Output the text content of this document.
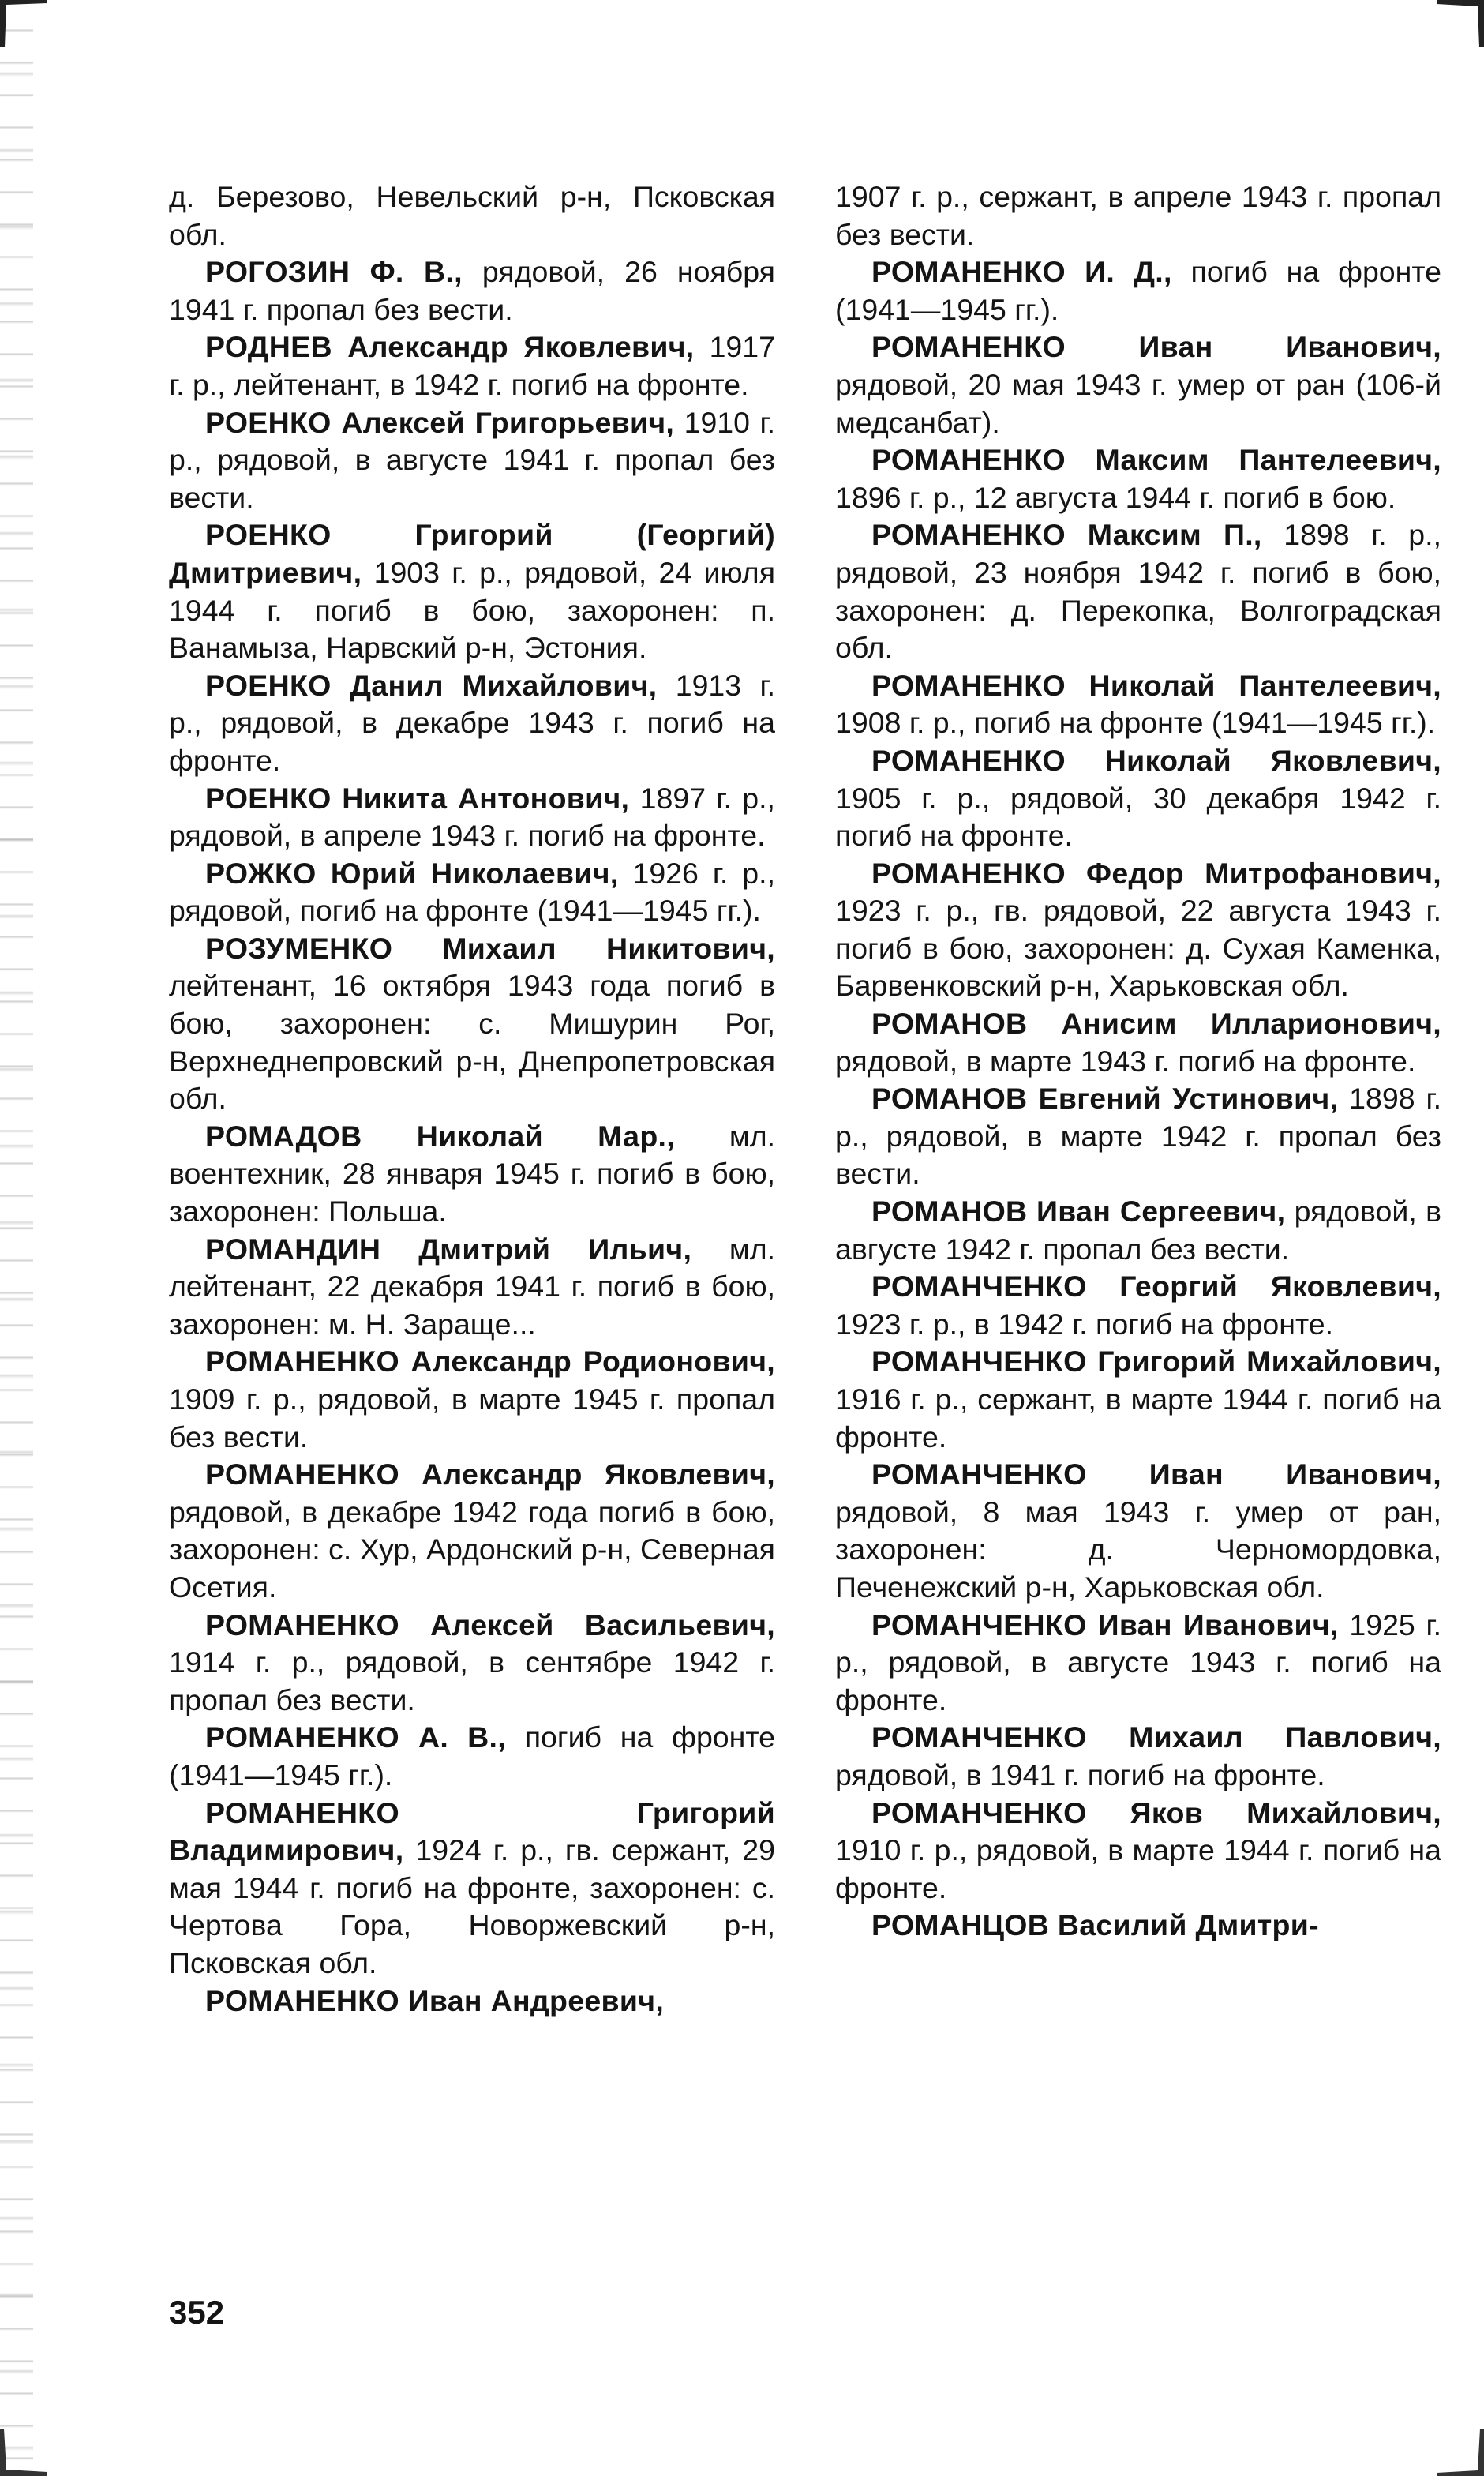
д. Березово, Невельский р-н, Псковская обл.

РОГОЗИН Ф. В., рядовой, 26 ноября 1941 г. пропал без вести.

РОДНЕВ Александр Яковлевич, 1917 г. р., лейтенант, в 1942 г. погиб на фронте.

РОЕНКО Алексей Григорьевич, 1910 г. р., рядовой, в августе 1941 г. пропал без вести.

РОЕНКО Григорий (Георгий) Дмитриевич, 1903 г. р., рядовой, 24 июля 1944 г. погиб в бою, захоронен: п. Ванамыза, Нарвский р-н, Эстония.

РОЕНКО Данил Михайлович, 1913 г. р., рядовой, в декабре 1943 г. погиб на фронте.

РОЕНКО Никита Антонович, 1897 г. р., рядовой, в апреле 1943 г. погиб на фронте.

РОЖКО Юрий Николаевич, 1926 г. р., рядовой, погиб на фронте (1941—1945 гг.).

РОЗУМЕНКО Михаил Никитович, лейтенант, 16 октября 1943 года погиб в бою, захоронен: с. Мишурин Рог, Верхнеднепровский р-н, Днепропетровская обл.

РОМАДОВ Николай Мар., мл. воентехник, 28 января 1945 г. погиб в бою, захоронен: Польша.

РОМАНДИН Дмитрий Ильич, мл. лейтенант, 22 декабря 1941 г. погиб в бою, захоронен: м. Н. Заращe...

РОМАНЕНКО Александр Родионович, 1909 г. р., рядовой, в марте 1945 г. пропал без вести.

РОМАНЕНКО Александр Яковлевич, рядовой, в декабре 1942 года погиб в бою, захоронен: с. Хур, Ардонский р-н, Северная Осетия.

РОМАНЕНКО Алексей Васильевич, 1914 г. р., рядовой, в сентябре 1942 г. пропал без вести.

РОМАНЕНКО А. В., погиб на фронте (1941—1945 гг.).

РОМАНЕНКО Григорий Владимирович, 1924 г. р., гв. сержант, 29 мая 1944 г. погиб на фронте, захоронен: с. Чертова Гора, Новоржевский р-н, Псковская обл.

РОМАНЕНКО Иван Андреевич,

1907 г. р., сержант, в апреле 1943 г. пропал без вести.

РОМАНЕНКО И. Д., погиб на фронте (1941—1945 гг.).

РОМАНЕНКО Иван Иванович, рядовой, 20 мая 1943 г. умер от ран (106-й медсанбат).

РОМАНЕНКО Максим Пантелеевич, 1896 г. р., 12 августа 1944 г. погиб в бою.

РОМАНЕНКО Максим П., 1898 г. р., рядовой, 23 ноября 1942 г. погиб в бою, захоронен: д. Перекопка, Волгоградская обл.

РОМАНЕНКО Николай Пантелеевич, 1908 г. р., погиб на фронте (1941—1945 гг.).

РОМАНЕНКО Николай Яковлевич, 1905 г. р., рядовой, 30 декабря 1942 г. погиб на фронте.

РОМАНЕНКО Федор Митрофанович, 1923 г. р., гв. рядовой, 22 августа 1943 г. погиб в бою, захоронен: д. Сухая Каменка, Барвенковский р-н, Харьковская обл.

РОМАНОВ Анисим Илларионович, рядовой, в марте 1943 г. погиб на фронте.

РОМАНОВ Евгений Устинович, 1898 г. р., рядовой, в марте 1942 г. пропал без вести.

РОМАНОВ Иван Сергеевич, рядовой, в августе 1942 г. пропал без вести.

РОМАНЧЕНКО Георгий Яковлевич, 1923 г. р., в 1942 г. погиб на фронте.

РОМАНЧЕНКО Григорий Михайлович, 1916 г. р., сержант, в марте 1944 г. погиб на фронте.

РОМАНЧЕНКО Иван Иванович, рядовой, 8 мая 1943 г. умер от ран, захоронен: д. Черномордовка, Печенежский р-н, Харьковская обл.

РОМАНЧЕНКО Иван Иванович, 1925 г. р., рядовой, в августе 1943 г. погиб на фронте.

РОМАНЧЕНКО Михаил Павлович, рядовой, в 1941 г. погиб на фронте.

РОМАНЧЕНКО Яков Михайлович, 1910 г. р., рядовой, в марте 1944 г. погиб на фронте.

РОМАНЦОВ Василий Дмитри-

352
